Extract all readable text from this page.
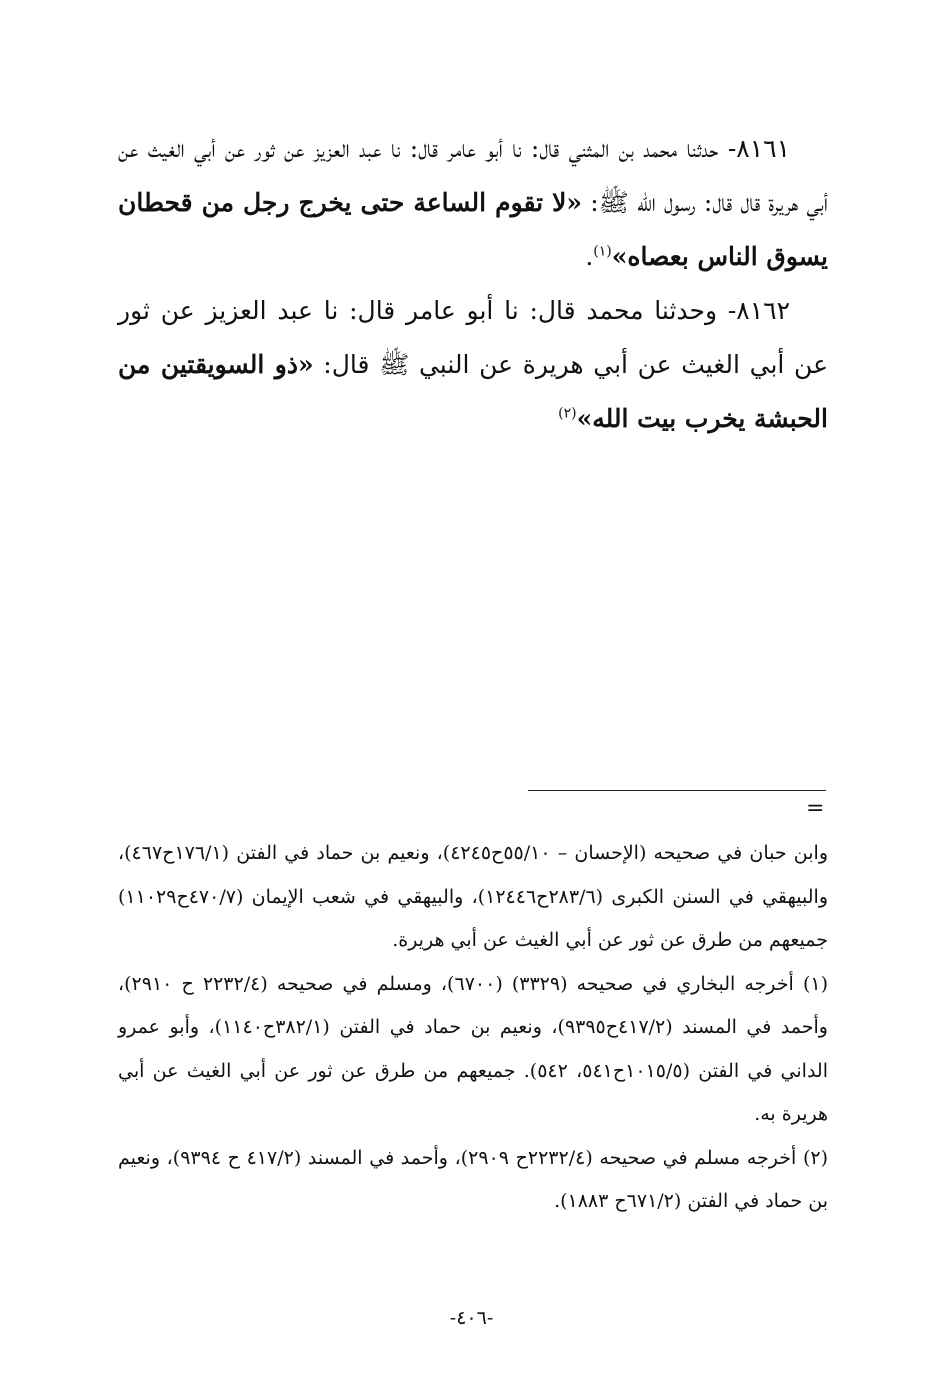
٨١٦١- حدثنا محمد بن المثني قال: نا أبو عامر قال: نا عبد العزيز عن ثور عن أبي الغيث عن أبي هريرة قال قال: رسول الله ﷺ: «لا تقوم الساعة حتى يخرج رجل من قحطان يسوق الناس بعصاه»$^{(١)}$.

٨١٦٢- وحدثنا محمد قال: نا أبو عامر قال: نا عبد العزيز عن ثور عن أبي الغيث عن أبي هريرة عن النبي ﷺ قال: «ذو السويقتين من الحبشة يخرب بيت الله»$^{(٢)}$

=

وابن حبان في صحيحه (الإحسان – ٥٥/١٠ح٤٢٤٥)، ونعيم بن حماد في الفتن (١٧٦/١ح٤٦٧)، والبيهقي في السنن الكبرى (٢٨٣/٦ح١٢٤٤٦)، والبيهقي في شعب الإيمان (٤٧٠/٧ح١١٠٢٩) جميعهم من طرق عن ثور عن أبي الغيث عن أبي هريرة.

(١) أخرجه البخاري في صحيحه (٣٣٢٩) (٦٧٠٠)، ومسلم في صحيحه (٢٢٣٢/٤ ح ٢٩١٠)، وأحمد في المسند (٤١٧/٢ح٩٣٩٥)، ونعيم بن حماد في الفتن (٣٨٢/١ح١١٤٠)، وأبو عمرو الداني في الفتن (١٠١٥/٥ح٥٤١، ٥٤٢). جميعهم من طرق عن ثور عن أبي الغيث عن أبي هريرة به.

(٢) أخرجه مسلم في صحيحه (٢٢٣٢/٤ح ٢٩٠٩)، وأحمد في المسند (٤١٧/٢ ح ٩٣٩٤)، ونعيم بن حماد في الفتن (٦٧١/٢ح ١٨٨٣).

-٤٠٦-
